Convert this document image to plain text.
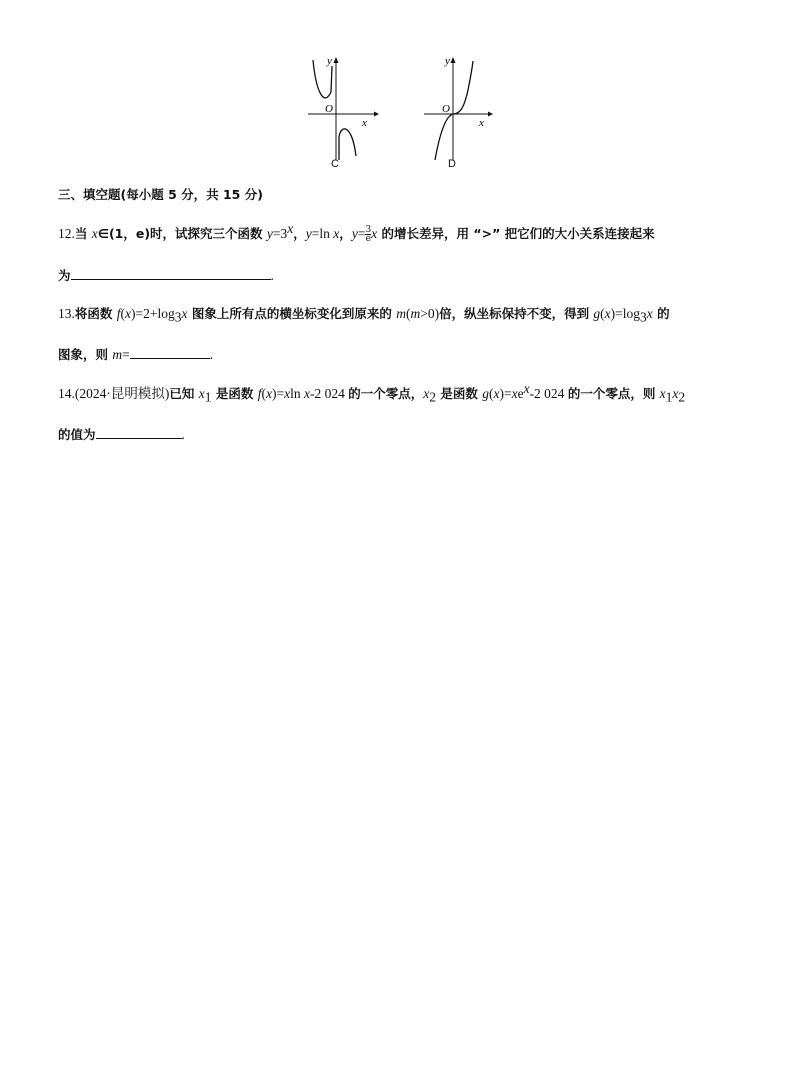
y
x
O
C
y
x
O
D
三、填空题(每小题 5 分，共 15 分)
12.当 x∈(1，e)时，试探究三个函数 $y=3^x$，y=ln x，$y= \frac{3}{e}$ x 的增长差异，用 “>” 把它们的大小关系连接起来
为	.
13.将函数 $f(x)=2+\log_3x$ 图象上所有点的横坐标变化到原来的 m(m>0)倍，纵坐标保持不变，得到 $g(x)=\log_3x$ 的
图象，则 m=	.
14.(2024·昆明模拟)已知 $x_1$ 是函数 f(x)=xln x-2 024 的一个零点，$x_2$ 是函数 $g(x)=xe^x-2$ 024 的一个零点，则 $x_1x_2$
的值为	.
